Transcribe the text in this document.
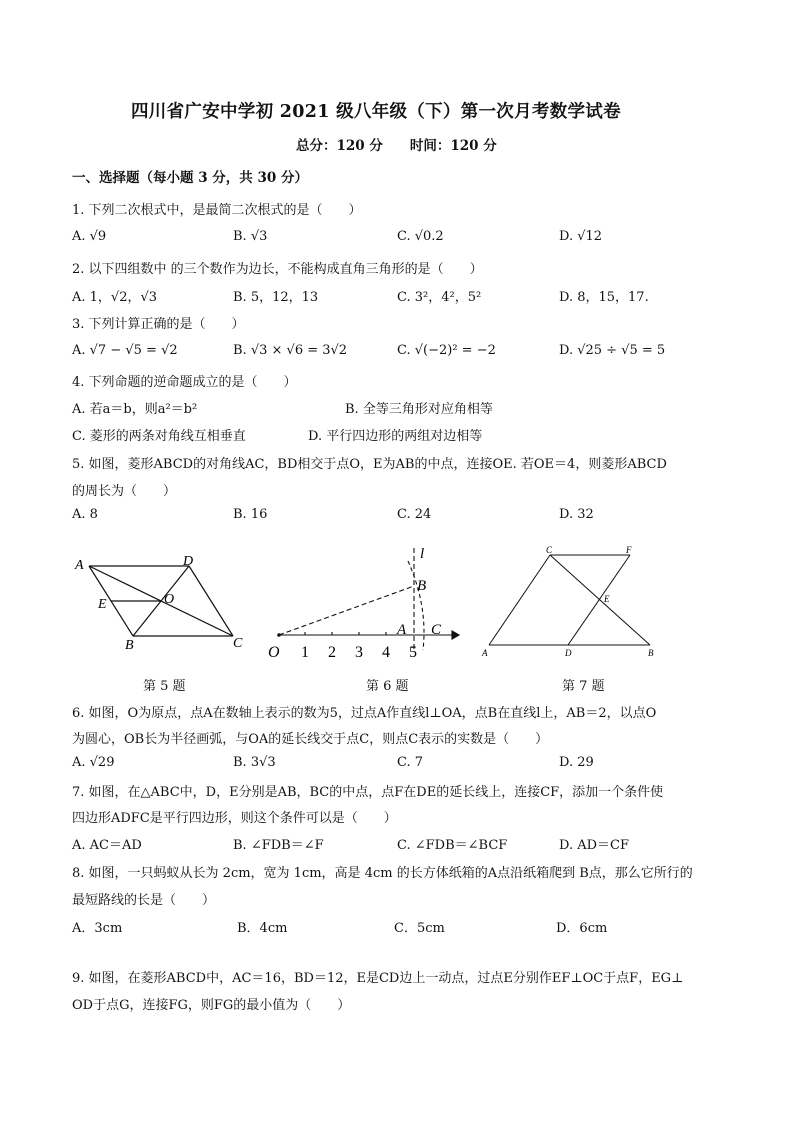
四川省广安中学初 2021 级八年级（下）第一次月考数学试卷
总分：120 分　　时间：120 分
一、选择题（每小题 3 分，共 30 分）
1. 下列二次根式中，是最简二次根式的是（　　）
A. √9	B. √3	C. √0.2	D. √12
2. 以下四组数中 的三个数作为边长，不能构成直角三角形的是（　　）
A. 1，√2，√3	B. 5，12，13	C. 3²，4²，5²	D. 8，15，17.
3. 下列计算正确的是（　　）
A. √7 − √5 = √2	B. √3 × √6 = 3√2	C. √(−2)² = −2	D. √25 ÷ √5 = 5
4. 下列命题的逆命题成立的是（　　）
A. 若a＝b，则a²＝b²	B. 全等三角形对应角相等
C. 菱形的两条对角线互相垂直	D. 平行四边形的两组对边相等
5. 如图，菱形ABCD的对角线AC，BD相交于点O，E为AB的中点，连接OE. 若OE＝4，则菱形ABCD
的周长为（　　）
A. 8	B. 16	C. 24	D. 32
A	D
E	O
B	C
第 5 题
l
B
A C
O 1 2 3 4 5
第 6 题
C	F
E
A	D	B
第 7 题
6. 如图，O为原点，点A在数轴上表示的数为5，过点A作直线l⊥OA，点B在直线l上，AB＝2，以点O
为圆心，OB长为半径画弧，与OA的延长线交于点C，则点C表示的实数是（　　）
A. √29	B. 3√3	C. 7	D. 29
7. 如图，在△ABC中，D，E分别是AB，BC的中点，点F在DE的延长线上，连接CF，添加一个条件使
四边形ADFC是平行四边形，则这个条件可以是（　　）
A. AC＝AD	B. ∠FDB＝∠F	C. ∠FDB＝∠BCF	D. AD＝CF
8. 如图，一只蚂蚁从长为 2cm，宽为 1cm，高是 4cm 的长方体纸箱的A点沿纸箱爬到 B点，那么它所行的
最短路线的长是（　　）
A．3cm	B．4cm	C．5cm	D．6cm
9. 如图，在菱形ABCD中，AC＝16，BD＝12，E是CD边上一动点，过点E分别作EF⊥OC于点F，EG⊥
OD于点G，连接FG，则FG的最小值为（　　）
